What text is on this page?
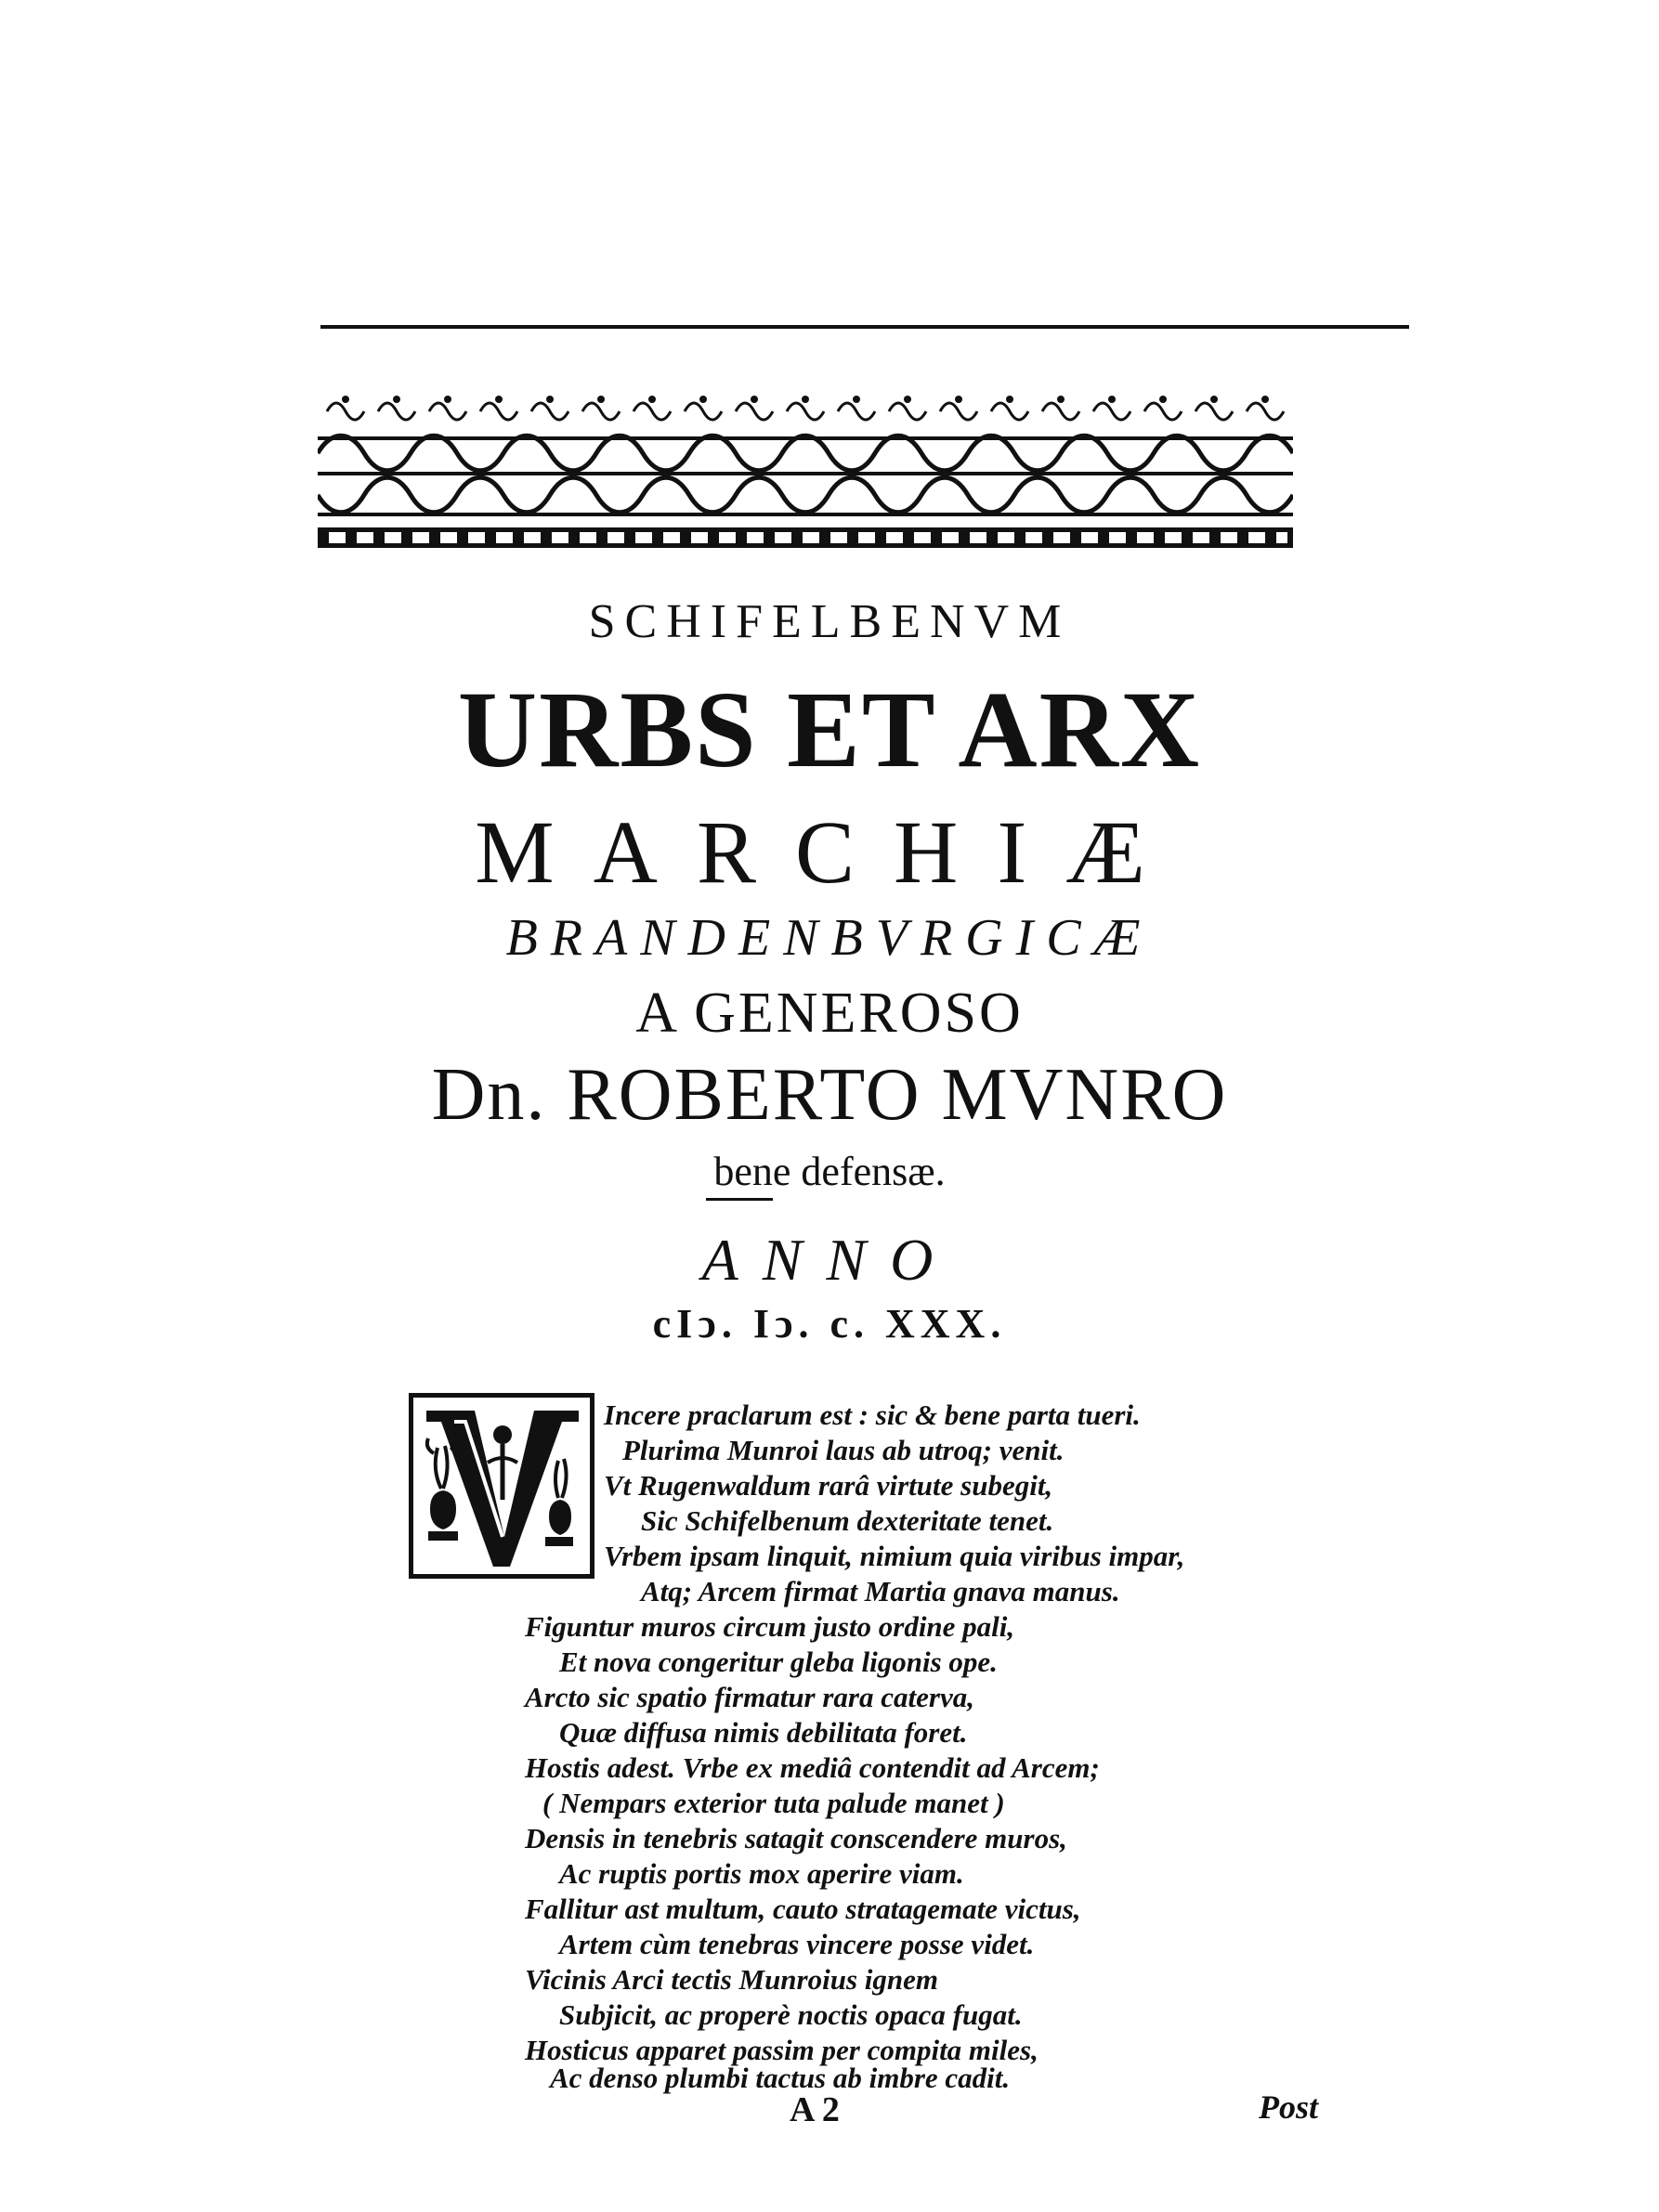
SCHIFELBENVM
URBS ET ARX
MARCHIÆ
BRANDENBVRGICÆ
A GENEROSO
Dn. ROBERTO MVNRO
bene defensæ.
ANNO
cIↄ. Iↄ. c. XXX.
Incere praclarum est : sic & bene parta tueri.
Plurima Munroi laus ab utroq; venit.
Vt Rugenwaldum rarâ virtute subegit,
Sic Schifelbenum dexteritate tenet.
Vrbem ipsam linquit, nimium quia viribus impar,
Atq; Arcem firmat Martia gnava manus.
Figuntur muros circum justo ordine pali,
Et nova congeritur gleba ligonis ope.
Arcto sic spatio firmatur rara caterva,
Quæ diffusa nimis debilitata foret.
Hostis adest. Vrbe ex mediâ contendit ad Arcem;
( Nempars exterior tuta palude manet )
Densis in tenebris satagit conscendere muros,
Ac ruptis portis mox aperire viam.
Fallitur ast multum, cauto stratagemate victus,
Artem cùm tenebras vincere posse videt.
Vicinis Arci tectis Munroius ignem
Subjicit, ac properè noctis opaca fugat.
Hosticus apparet passim per compita miles,
Ac denso plumbi tactus ab imbre cadit.
A 2	Post
